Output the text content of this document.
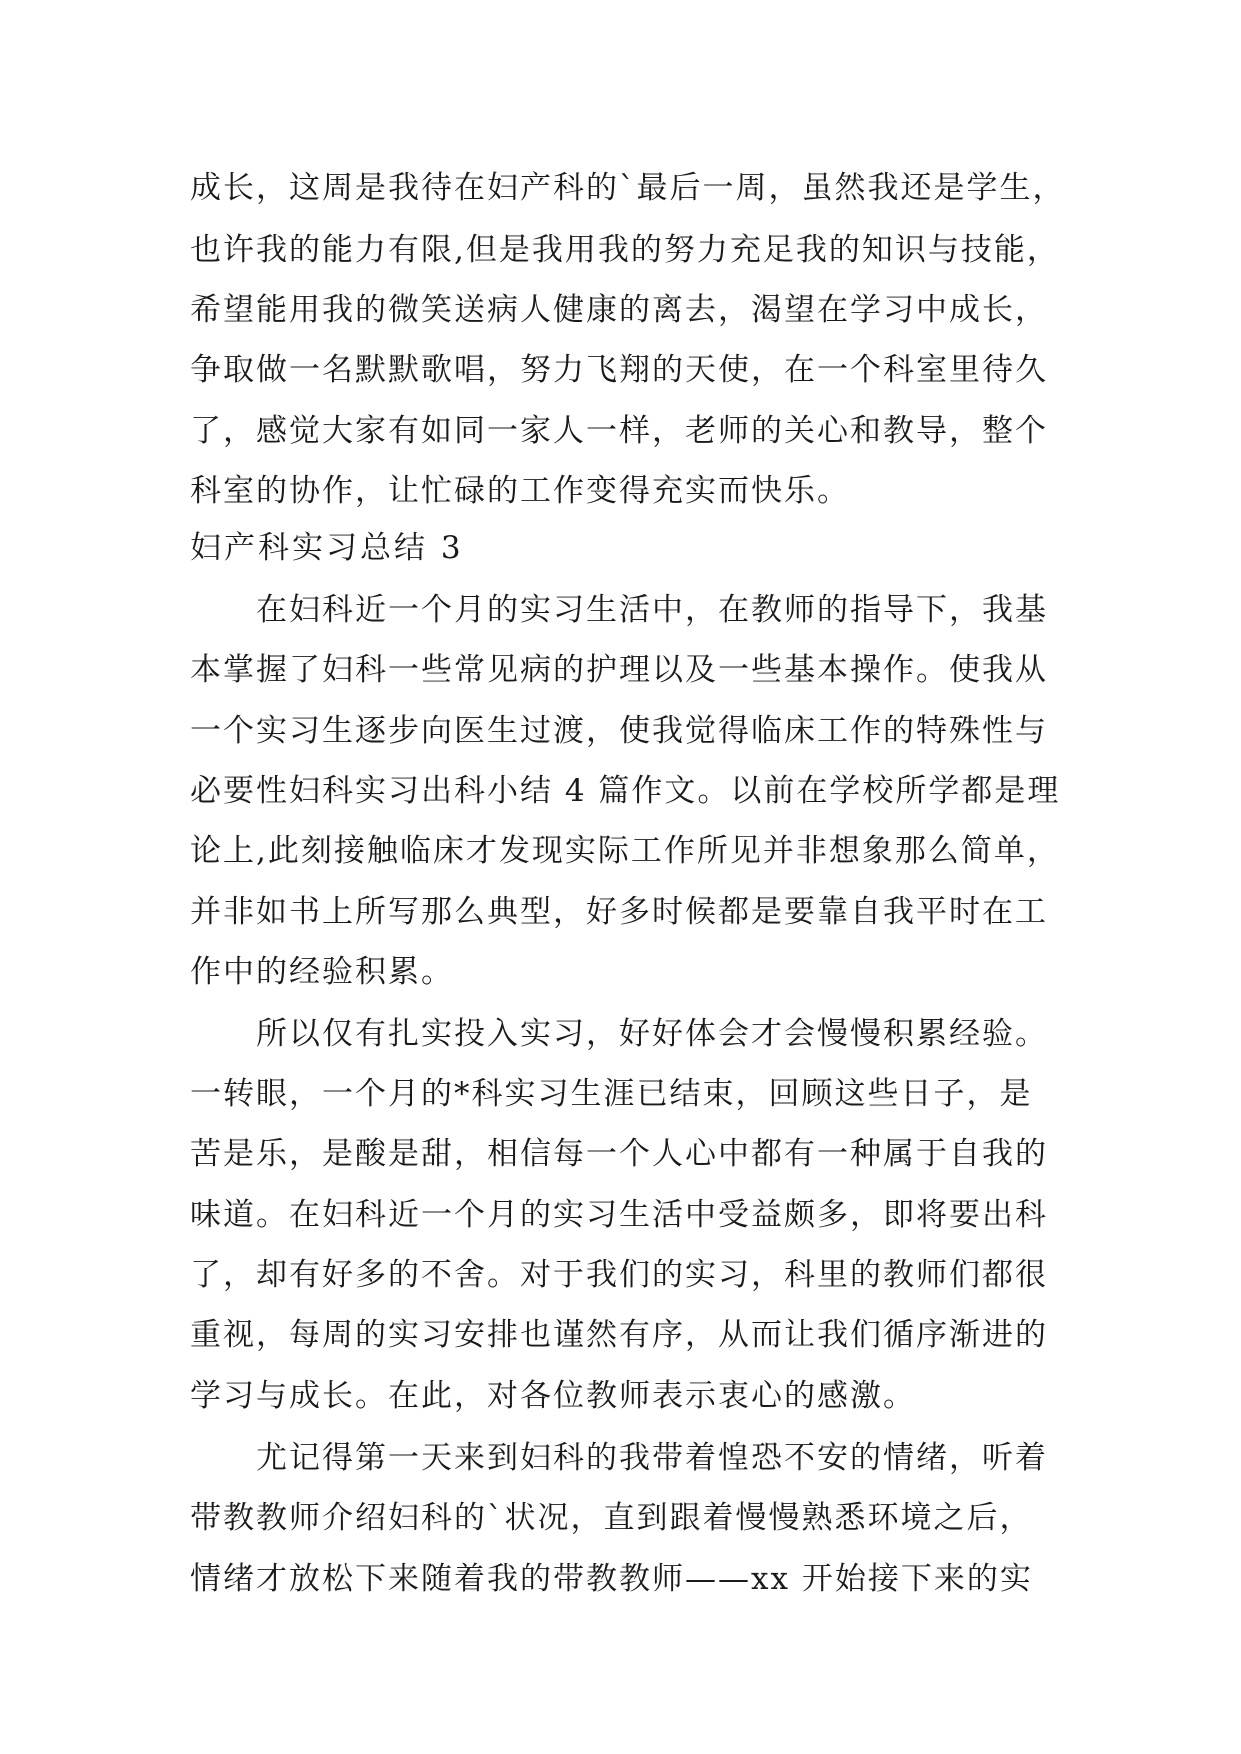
成长，这周是我待在妇产科的`最后一周，虽然我还是学生，
也许我的能力有限,但是我用我的努力充足我的知识与技能，
希望能用我的微笑送病人健康的离去，渴望在学习中成长，
争取做一名默默歌唱，努力飞翔的天使，在一个科室里待久
了，感觉大家有如同一家人一样，老师的关心和教导，整个
科室的协作，让忙碌的工作变得充实而快乐。
妇产科实习总结 3
在妇科近一个月的实习生活中，在教师的指导下，我基
本掌握了妇科一些常见病的护理以及一些基本操作。使我从
一个实习生逐步向医生过渡，使我觉得临床工作的特殊性与
必要性妇科实习出科小结 4 篇作文。以前在学校所学都是理
论上,此刻接触临床才发现实际工作所见并非想象那么简单，
并非如书上所写那么典型，好多时候都是要靠自我平时在工
作中的经验积累。
所以仅有扎实投入实习，好好体会才会慢慢积累经验。
一转眼，一个月的*科实习生涯已结束，回顾这些日子，是
苦是乐，是酸是甜，相信每一个人心中都有一种属于自我的
味道。在妇科近一个月的实习生活中受益颇多，即将要出科
了，却有好多的不舍。对于我们的实习，科里的教师们都很
重视，每周的实习安排也谨然有序，从而让我们循序渐进的
学习与成长。在此，对各位教师表示衷心的感激。
尤记得第一天来到妇科的我带着惶恐不安的情绪，听着
带教教师介绍妇科的`状况，直到跟着慢慢熟悉环境之后，
情绪才放松下来随着我的带教教师——xx 开始接下来的实
